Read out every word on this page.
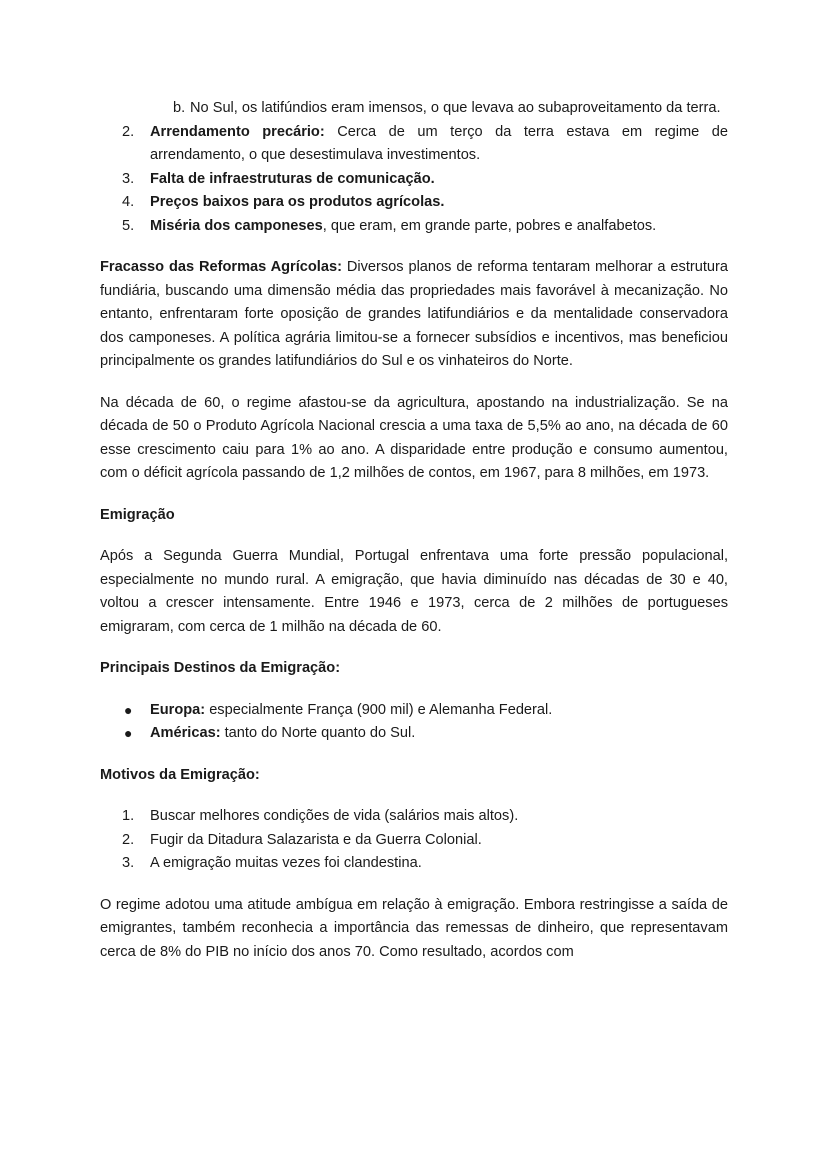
b. No Sul, os latifúndios eram imensos, o que levava ao subaproveitamento da terra.

2. Arrendamento precário: Cerca de um terço da terra estava em regime de arrendamento, o que desestimulava investimentos.
3. Falta de infraestruturas de comunicação.
4. Preços baixos para os produtos agrícolas.
5. Miséria dos camponeses, que eram, em grande parte, pobres e analfabetos.

Fracasso das Reformas Agrícolas: Diversos planos de reforma tentaram melhorar a estrutura fundiária, buscando uma dimensão média das propriedades mais favorável à mecanização. No entanto, enfrentaram forte oposição de grandes latifundiários e da mentalidade conservadora dos camponeses. A política agrária limitou-se a fornecer subsídios e incentivos, mas beneficiou principalmente os grandes latifundiários do Sul e os vinhateiros do Norte.

Na década de 60, o regime afastou-se da agricultura, apostando na industrialização. Se na década de 50 o Produto Agrícola Nacional crescia a uma taxa de 5,5% ao ano, na década de 60 esse crescimento caiu para 1% ao ano. A disparidade entre produção e consumo aumentou, com o déficit agrícola passando de 1,2 milhões de contos, em 1967, para 8 milhões, em 1973.

Emigração

Após a Segunda Guerra Mundial, Portugal enfrentava uma forte pressão populacional, especialmente no mundo rural. A emigração, que havia diminuído nas décadas de 30 e 40, voltou a crescer intensamente. Entre 1946 e 1973, cerca de 2 milhões de portugueses emigraram, com cerca de 1 milhão na década de 60.

Principais Destinos da Emigração:

● Europa: especialmente França (900 mil) e Alemanha Federal.
● Américas: tanto do Norte quanto do Sul.

Motivos da Emigração:

1. Buscar melhores condições de vida (salários mais altos).
2. Fugir da Ditadura Salazarista e da Guerra Colonial.
3. A emigração muitas vezes foi clandestina.

O regime adotou uma atitude ambígua em relação à emigração. Embora restringisse a saída de emigrantes, também reconhecia a importância das remessas de dinheiro, que representavam cerca de 8% do PIB no início dos anos 70. Como resultado, acordos com
